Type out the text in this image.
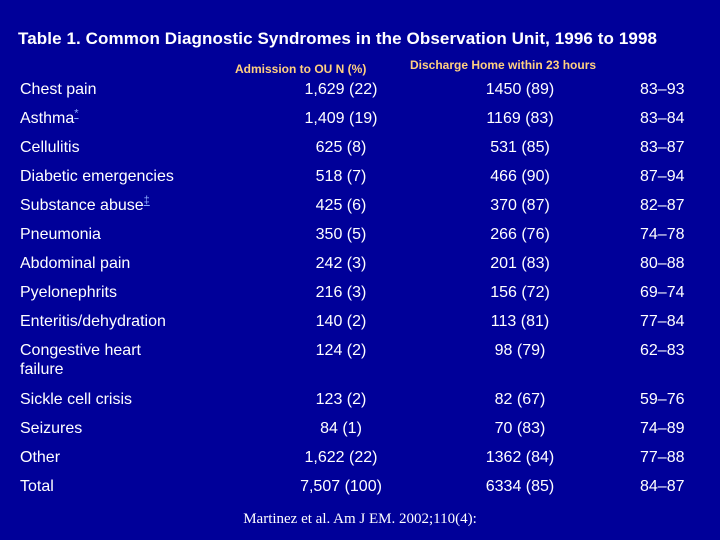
Table 1. Common Diagnostic Syndromes in the Observation Unit, 1996 to 1998
Admission to OU N (%)	Discharge Home within 23 hours
Chest pain	1,629 (22)	1450 (89)	83–93
Asthma*	1,409 (19)	1169 (83)	83–84
Cellulitis	625 (8)	531 (85)	83–87
Diabetic emergencies	518 (7)	466 (90)	87–94
Substance abuse‡	425 (6)	370 (87)	82–87
Pneumonia	350 (5)	266 (76)	74–78
Abdominal pain	242 (3)	201 (83)	80–88
Pyelonephrits	216 (3)	156 (72)	69–74
Enteritis/dehydration	140 (2)	113 (81)	77–84
Congestive heart failure
124 (2)	98 (79)	62–83
Sickle cell crisis	123 (2)	82 (67)	59–76
Seizures	84 (1)	70 (83)	74–89
Other	1,622 (22)	1362 (84)	77–88
Total	7,507 (100)	6334 (85)	84–87
Martinez et al. Am J EM. 2002;110(4):
